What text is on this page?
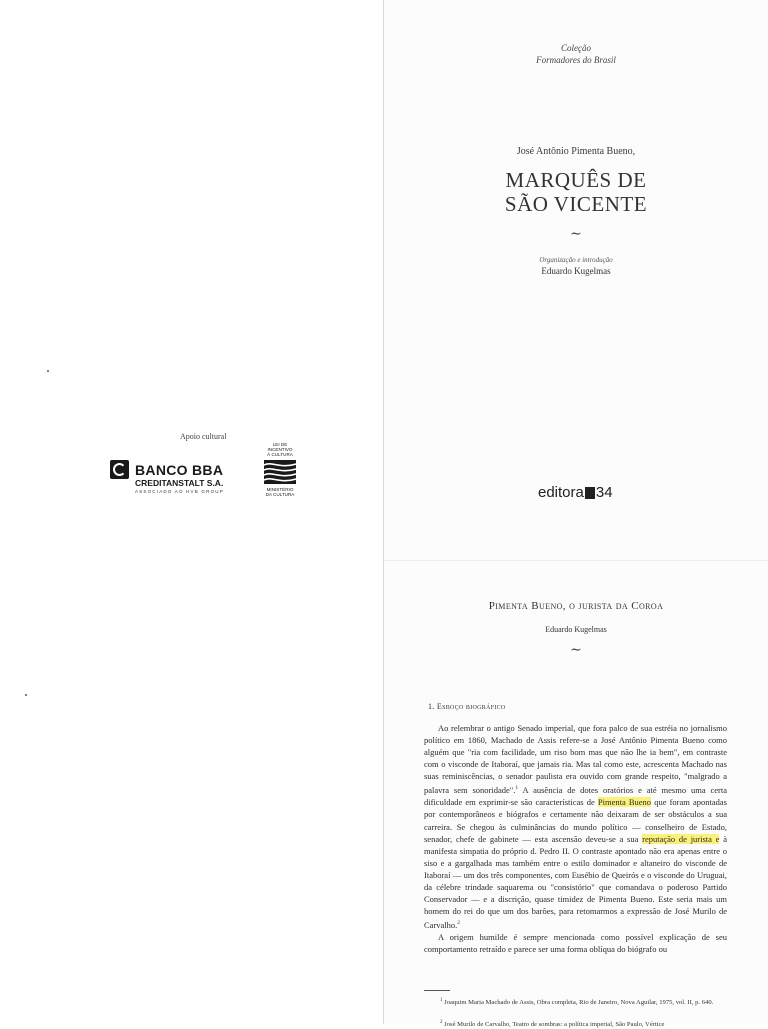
Coleção
Formadores do Brasil
José Antônio Pimenta Bueno,
MARQUÊS DE
SÃO VICENTE
∼
Organização e introdução
Eduardo Kugelmas
editora 34
Apoio cultural
BANCO BBA
CREDITANSTALT S.A.
ASSOCIADO AO HVB GROUP
LEI DE
INCENTIVO
À CULTURA
MINISTÉRIO
DA CULTURA
Pimenta Bueno, o jurista da Coroa
Eduardo Kugelmas
∼
1. Esboço biográfico

Ao relembrar o antigo Senado imperial, que fora palco de sua estréia no jornalismo político em 1860, Machado de Assis refere-se a José Antônio Pimenta Bueno como alguém que "ria com facilidade, um riso bom mas que não lhe ia bem", em contraste com o visconde de Itaboraí, que jamais ria. Mas tal como este, acrescenta Machado nas suas reminiscências, o senador paulista era ouvido com grande respeito, "malgrado a palavra sem sonoridade".$^1$ A ausência de dotes oratórios e até mesmo uma certa dificuldade em exprimir-se são características de Pimenta Bueno que foram apontadas por contemporâneos e biógrafos e certamente não deixaram de ser obstáculos a sua carreira. Se chegou às culminâncias do mundo político — conselheiro de Estado, senador, chefe de gabinete — esta ascensão deveu-se a sua reputação de jurista e à manifesta simpatia do próprio d. Pedro II. O contraste apontado não era apenas entre o siso e a gargalhada mas também entre o estilo dominador e altaneiro do visconde de Itaboraí — um dos três componentes, com Eusébio de Queirós e o visconde do Uruguai, da célebre trindade saquarema ou "consistório" que comandava o poderoso Partido Conservador — e a discrição, quase timidez de Pimenta Bueno. Este seria mais um homem do rei do que um dos barões, para retomarmos a expressão de José Murilo de Carvalho.$^2$

A origem humilde é sempre mencionada como possível explicação de seu comportamento retraído e parece ser uma forma oblíqua do biógrafo ou

$^1$ Joaquim Maria Machado de Assis, Obra completa, Rio de Janeiro, Nova Aguilar, 1975, vol. II, p. 640.
$^2$ José Murilo de Carvalho, Teatro de sombras: a política imperial, São Paulo, Vértice
